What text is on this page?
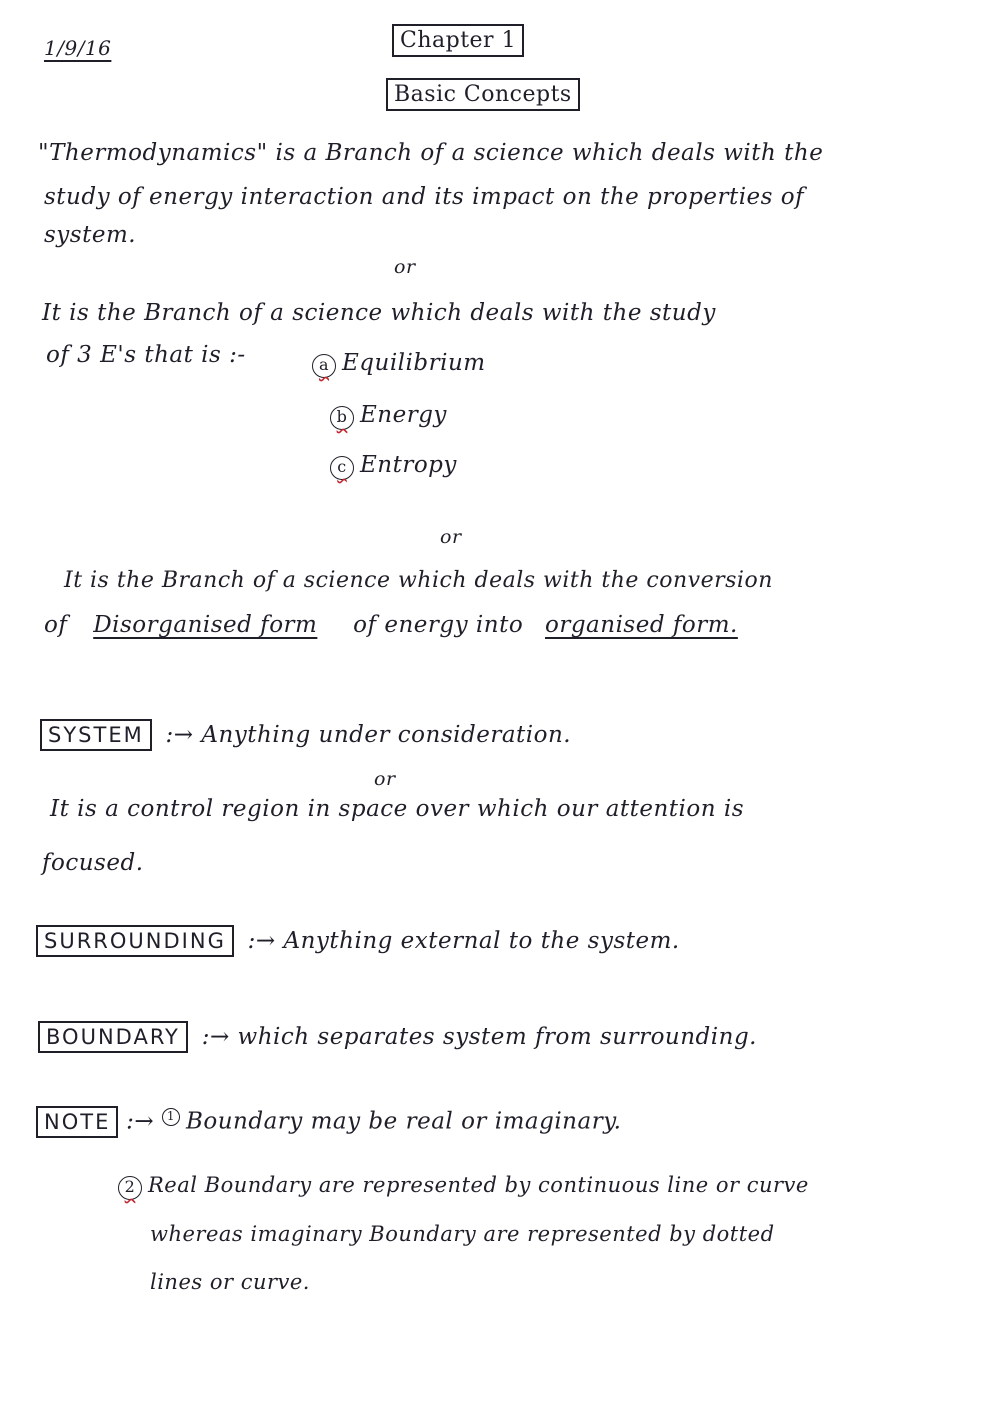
1/9/16	Chapter 1
Basic Concepts
"Thermodynamics" is a Branch of a science which deals with the
study of energy interaction and its impact on the properties of
system.
or
It is the Branch of a science which deals with the study
of 3 E's that is :-	a Equilibrium
b Energy
c Entropy
or
It is the Branch of a science which deals with the conversion
of Disorganised form of energy into organised form.
SYSTEM :→ Anything under consideration.
or
It is a control region in space over which our attention is
focused.
SURROUNDING :→ Anything external to the system.
BOUNDARY :→ which separates system from surrounding.
NOTE :→ 1 Boundary may be real or imaginary.
2 Real Boundary are represented by continuous line or curve
whereas imaginary Boundary are represented by dotted
lines or curve.
